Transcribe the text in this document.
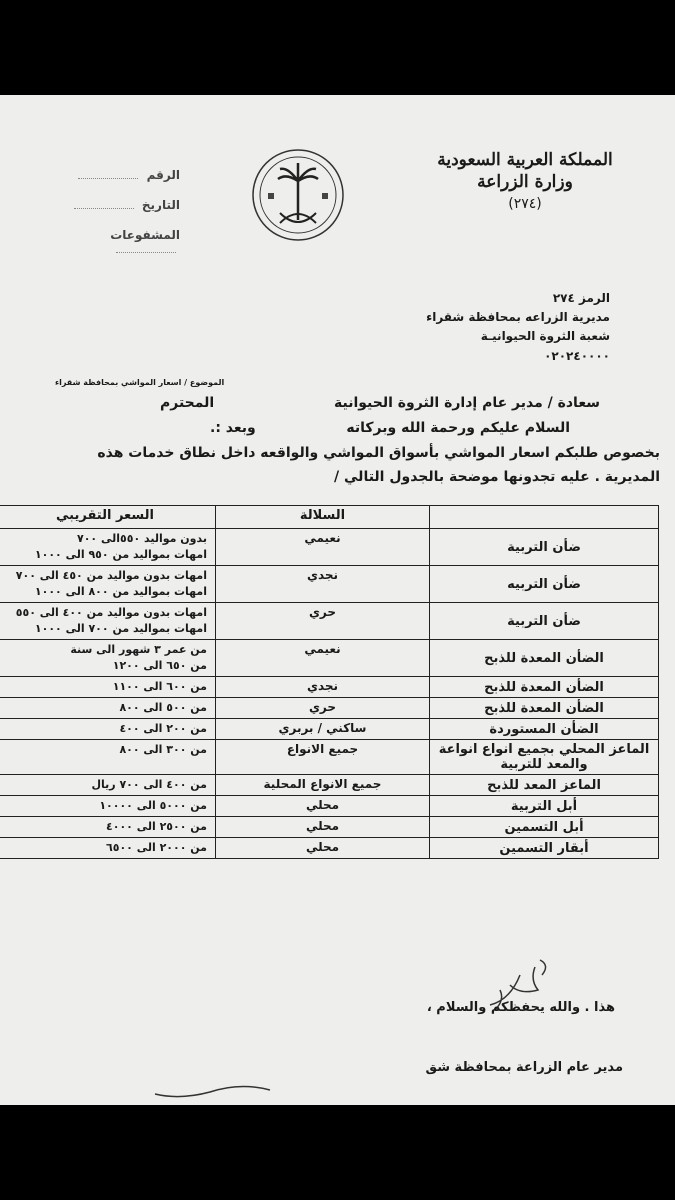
المملكة العربية السعودية
وزارة الزراعة
(٢٧٤)
الرقم
التاريخ
المشفوعات
الرمز ٢٧٤
مديرية الزراعه بمحافظة شقراء
شعبة الثروة الحيوانيـة
٠٢٠٢٤٠٠٠٠
الموضوع / اسعار المواشي بمحافظة شقراء
سعادة / مدير عام إدارة الثروة الحيوانية
المحترم
السلام عليكم ورحمة الله وبركاته
وبعد :.
بخصوص طلبكم اسعار المواشي بأسواق المواشي والواقعه داخل نطاق خدمات هذه
المديرية . عليه تجدونها موضحة بالجدول التالي /
	السلالة	السعر التقريبي
ضأن التربية	نعيمي	بدون مواليد ٥٥٠الى ٧٠٠
امهات بمواليد من ٩٥٠ الى ١٠٠٠

ضأن التربيه	نجدي	امهات بدون مواليد من ٤٥٠ الى ٧٠٠
امهات بمواليد من ٨٠٠ الى ١٠٠٠

ضأن التربية	حري	امهات بدون مواليد من ٤٠٠ الى ٥٥٠
امهات بمواليد من ٧٠٠ الى ١٠٠٠

الضأن المعدة للذبح	نعيمي	من عمر ٣ شهور الى سنة
من ٦٥٠ الى ١٢٠٠

الضأن المعدة للذبح	نجدي	من ٦٠٠ الى ١١٠٠

الضأن المعدة للذبح	حري	من ٥٠٠ الى ٨٠٠

الضأن المستوردة	ساكني / بربري	من ٢٠٠ الى ٤٠٠

الماعز المحلي بجميع انواع انواعة والمعد للتربية	جميع الانواع	من ٣٠٠ الى ٨٠٠

الماعز المعد للذبح	جميع الانواع المحلية	من ٤٠٠ الى ٧٠٠ ريال

أبل التربية	محلي	من ٥٠٠٠ الى ١٠٠٠٠

أبل التسمين	محلي	من ٢٥٠٠ الى ٤٠٠٠

أبقار التسمين	محلي	من ٢٠٠٠ الى ٦٥٠٠
هذا . والله يحفظكم والسلام ،
مدير عام الزراعة بمحافظة شق
